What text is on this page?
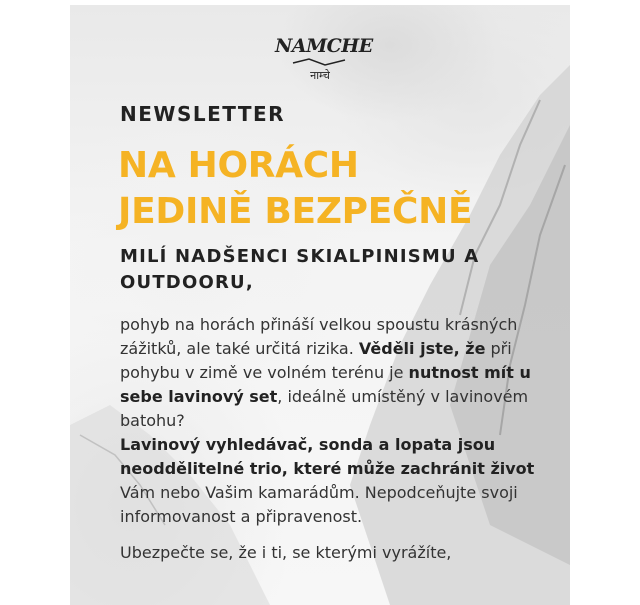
NAMCHE
नाम्चे
NEWSLETTER
NA HORÁCH
JEDINĚ BEZPEČNĚ
MILÍ NADŠENCI SKIALPINISMU A OUTDOORU,

pohyb na horách přináší velkou spoustu krásných zážitků, ale také určitá rizika. Věděli jste, že při pohybu v zimě ve volném terénu je nutnost mít u sebe lavinový set, ideálně umístěný v lavinovém batohu?
Lavinový vyhledávač, sonda a lopata jsou neoddělitelné trio, které může zachránit život Vám nebo Vašim kamarádům. Nepodceňujte svoji informovanost a připravenost.

Ubezpečte se, že i ti, se kterými vyrážíte,
